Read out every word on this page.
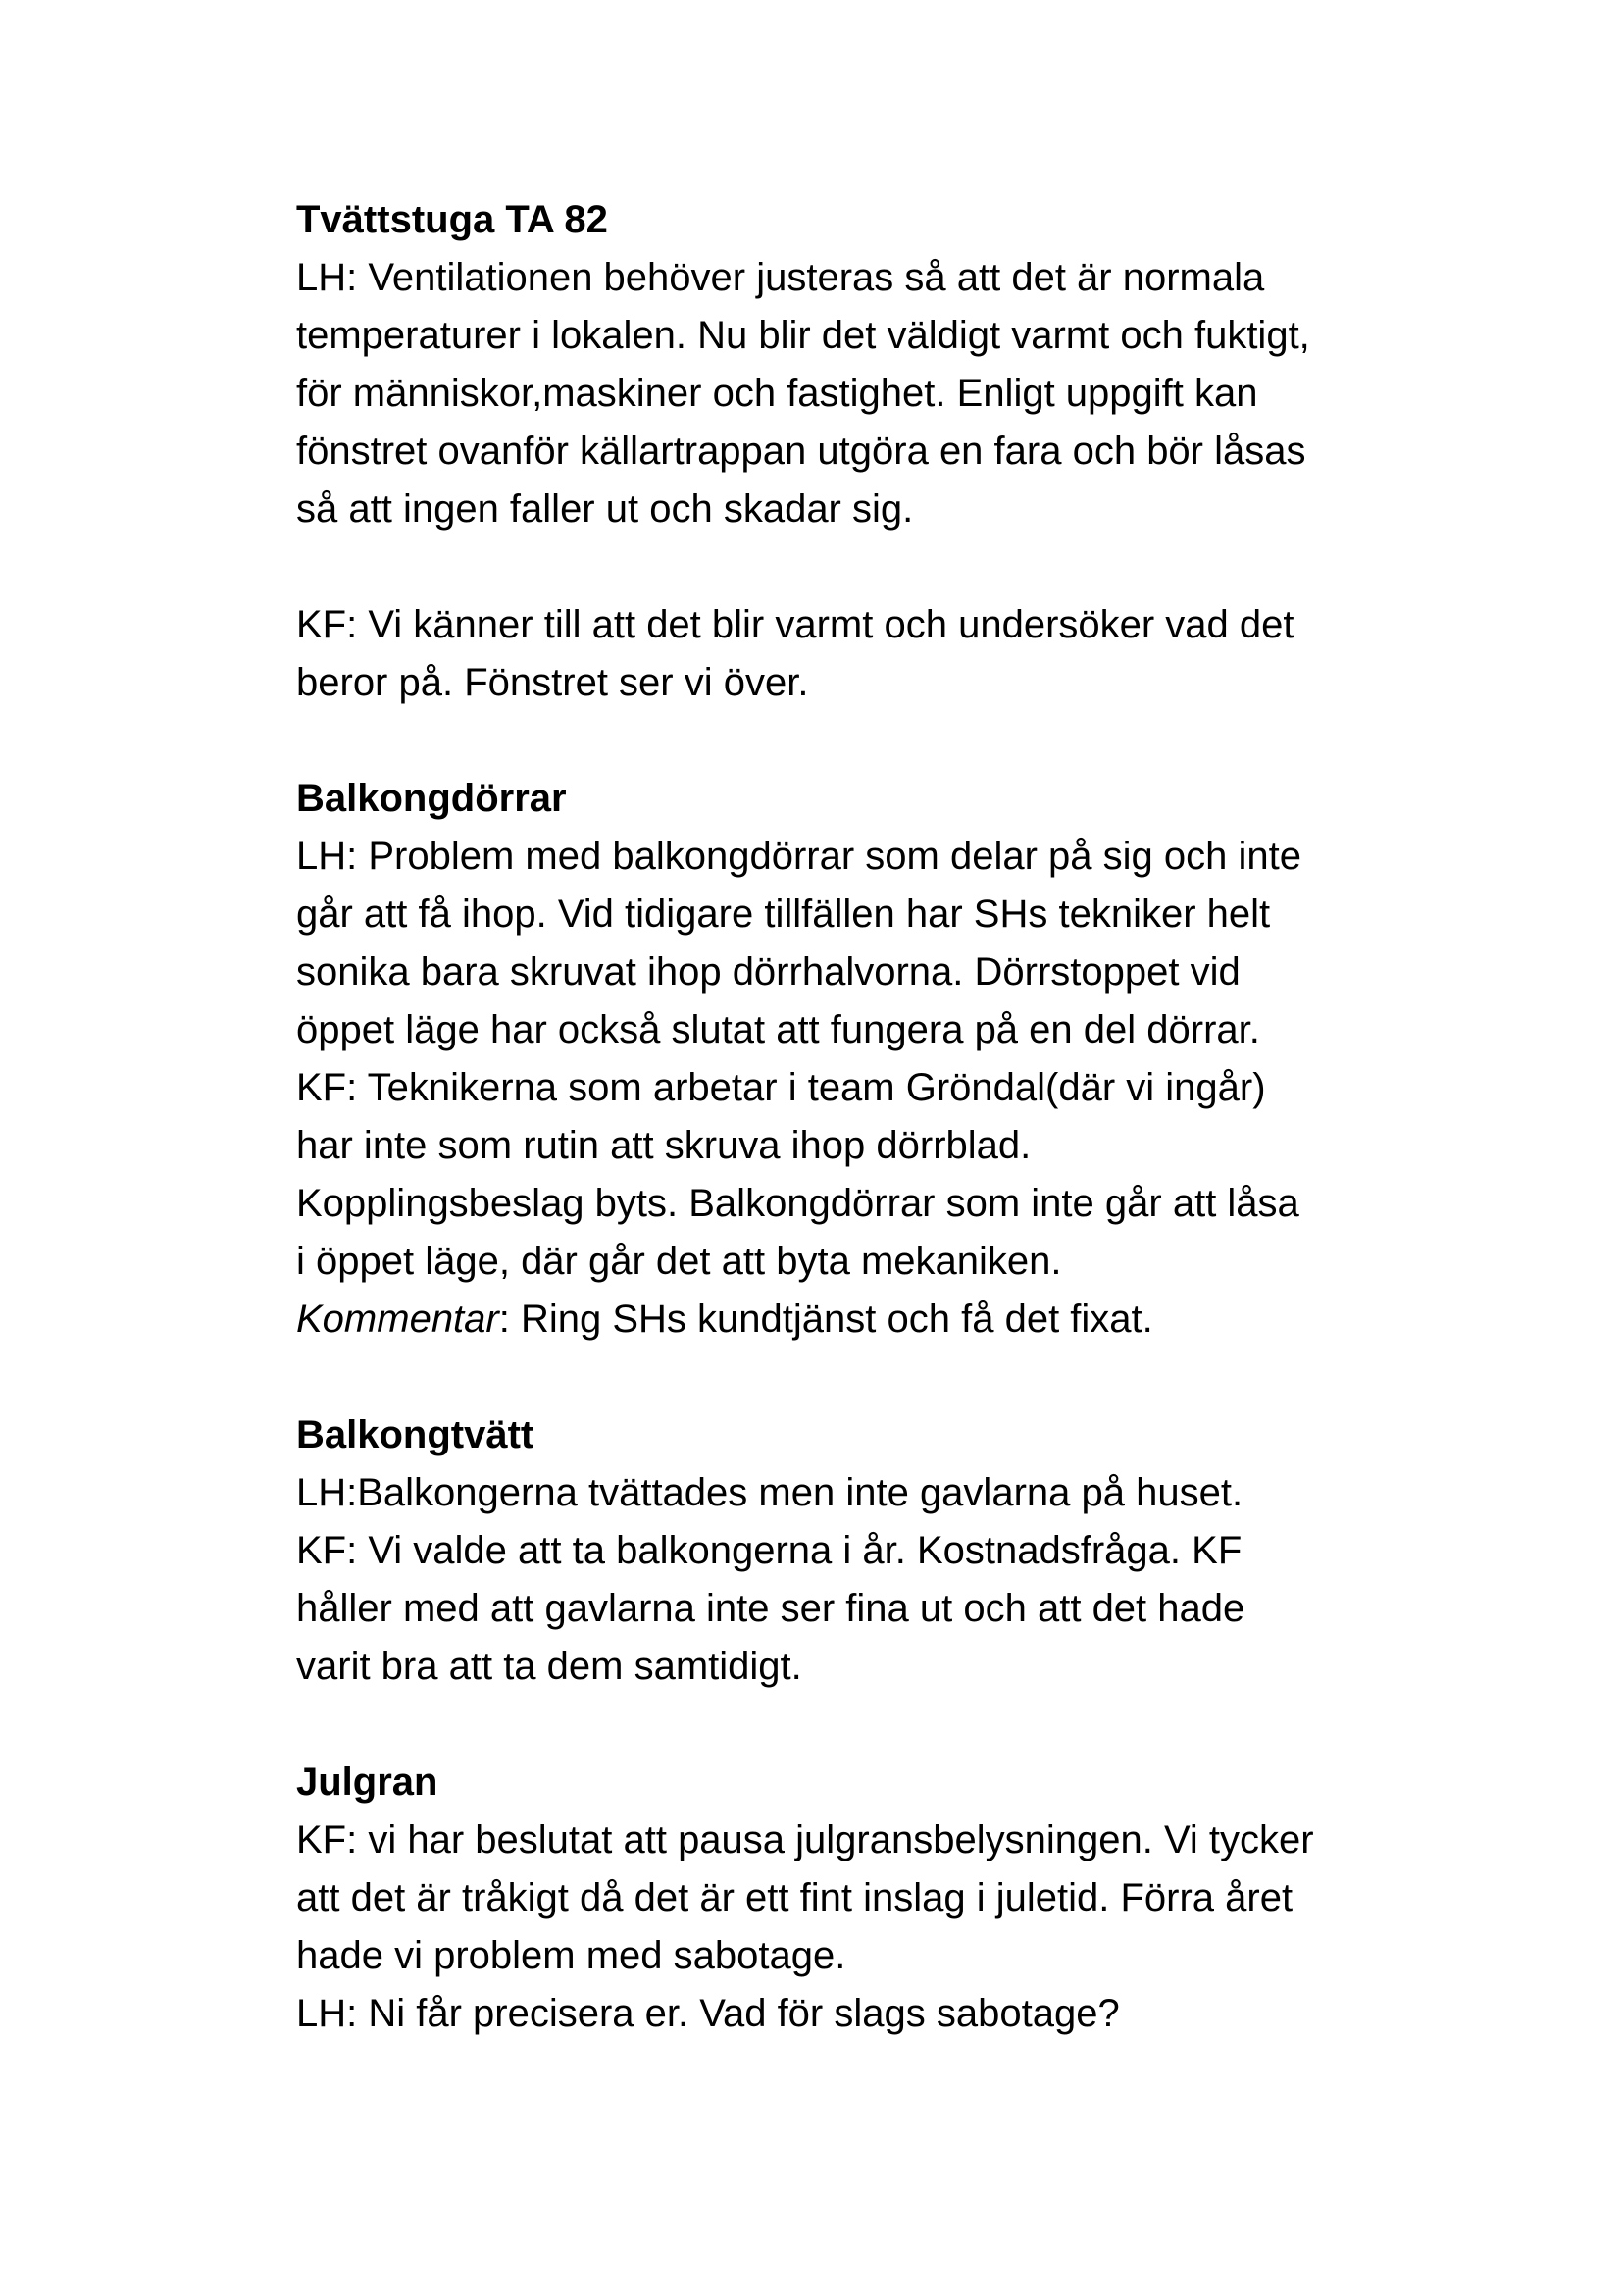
Tvättstuga TA 82
LH: Ventilationen behöver justeras så att det är normala
temperaturer i lokalen. Nu blir det väldigt varmt och fuktigt,
för människor,maskiner och fastighet. Enligt uppgift kan
fönstret ovanför källartrappan utgöra en fara och bör låsas
så att ingen faller ut och skadar sig.
KF: Vi känner till att det blir varmt och undersöker vad det
beror på. Fönstret ser vi över.
Balkongdörrar
LH: Problem med balkongdörrar som delar på sig och inte
går att få ihop. Vid tidigare tillfällen har SHs tekniker helt
sonika bara skruvat ihop dörrhalvorna. Dörrstoppet vid
öppet läge har också slutat att fungera på en del dörrar.
KF: Teknikerna som arbetar i team Gröndal(där vi ingår)
har inte som rutin att skruva ihop dörrblad.
Kopplingsbeslag byts. Balkongdörrar som inte går att låsa
i öppet läge, där går det att byta mekaniken.
Kommentar: Ring SHs kundtjänst och få det fixat.
Balkongtvätt
LH:Balkongerna tvättades men inte gavlarna på huset.
KF: Vi valde att ta balkongerna i år. Kostnadsfråga. KF
håller med att gavlarna inte ser fina ut och att det hade
varit bra att ta dem samtidigt.
Julgran
KF: vi har beslutat att pausa julgransbelysningen. Vi tycker
att det är tråkigt då det är ett fint inslag i juletid. Förra året
hade vi problem med sabotage.
LH: Ni får precisera er. Vad för slags sabotage?
